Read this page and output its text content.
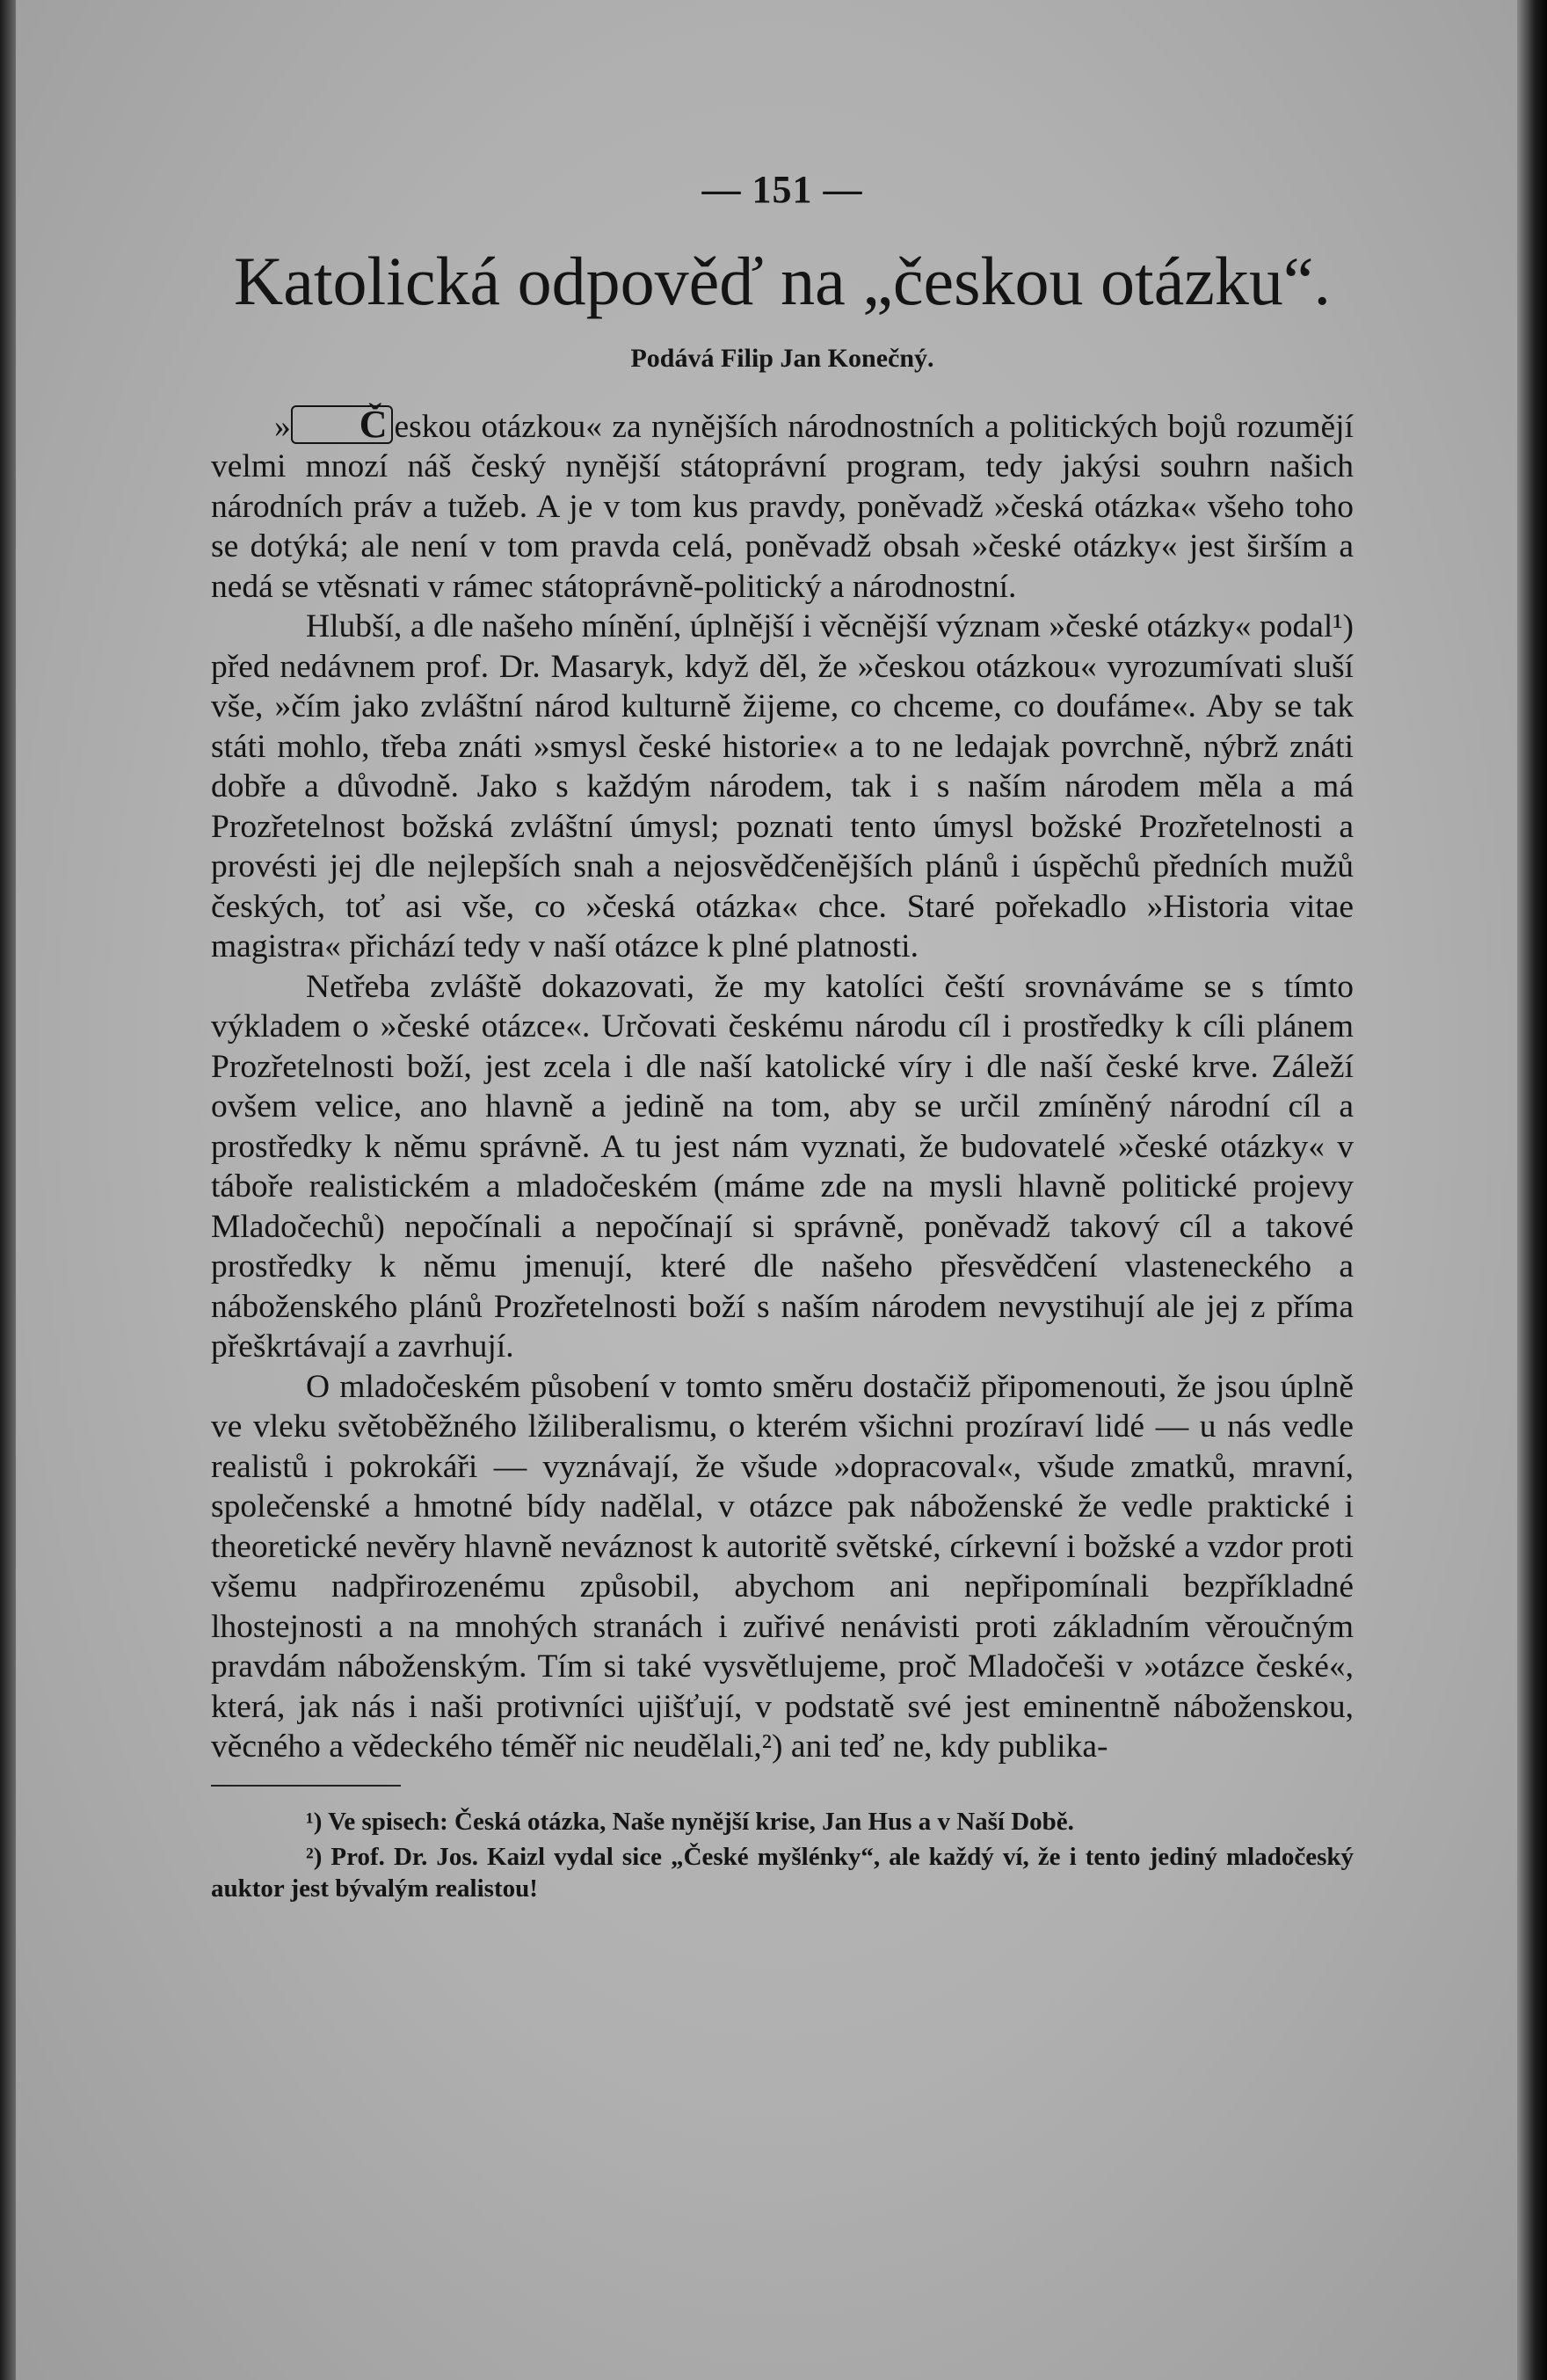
— 151 —
Katolická odpověď na „českou otázku“.
Podává Filip Jan Konečný.

» Č eskou otázkou« za nynějších národnostních a politických bojů rozumějí velmi mnozí náš český nynější státoprávní program, tedy jakýsi souhrn našich národních práv a tužeb. A je v tom kus pravdy, poněvadž »česká otázka« všeho toho se dotýká; ale není v tom pravda celá, poněvadž obsah »české otázky« jest širším a nedá se vtěsnati v rámec státoprávně-politický a národnostní.

Hlubší, a dle našeho mínění, úplnější i věcnější význam »české otázky« podal¹) před nedávnem prof. Dr. Masaryk, když děl, že »českou otázkou« vyrozumívati sluší vše, »čím jako zvláštní národ kulturně žijeme, co chceme, co doufáme«. Aby se tak státi mohlo, třeba znáti »smysl české historie« a to ne ledajak povrchně, nýbrž znáti dobře a důvodně. Jako s každým národem, tak i s naším národem měla a má Prozřetelnost božská zvláštní úmysl; poznati tento úmysl božské Prozřetelnosti a provésti jej dle nejlepších snah a nejosvědčenějších plánů i úspěchů předních mužů českých, toť asi vše, co »česká otázka« chce. Staré pořekadlo »Historia vitae magistra« přichází tedy v naší otázce k plné platnosti.

Netřeba zvláště dokazovati, že my katolíci čeští srovnáváme se s tímto výkladem o »české otázce«. Určovati českému národu cíl i prostředky k cíli plánem Prozřetelnosti boží, jest zcela i dle naší katolické víry i dle naší české krve. Záleží ovšem velice, ano hlavně a jedině na tom, aby se určil zmíněný národní cíl a prostředky k němu správně. A tu jest nám vyznati, že budovatelé »české otázky« v táboře realistickém a mladočeském (máme zde na mysli hlavně politické projevy Mladočechů) nepočínali a nepočínají si správně, poněvadž takový cíl a takové prostředky k němu jmenují, které dle našeho přesvědčení vlasteneckého a náboženského plánů Prozřetelnosti boží s naším národem nevystihují ale jej z příma přeškrtávají a zavrhují.

O mladočeském působení v tomto směru dostačiž připomenouti, že jsou úplně ve vleku světoběžného lžiliberalismu, o kterém všichni prozíraví lidé — u nás vedle realistů i pokrokáři — vyznávají, že všude »dopracoval«, všude zmatků, mravní, společenské a hmotné bídy nadělal, v otázce pak náboženské že vedle praktické i theoretické nevěry hlavně neváznost k autoritě světské, církevní i božské a vzdor proti všemu nadpřirozenému způsobil, abychom ani nepřipomínali bezpříkladné lhostejnosti a na mnohých stranách i zuřivé nenávisti proti základním věroučným pravdám náboženským. Tím si také vysvětlujeme, proč Mladočeši v »otázce české«, která, jak nás i naši protivníci ujišťují, v podstatě své jest eminentně náboženskou, věcného a vědeckého téměř nic neudělali,²) ani teď ne, kdy publika-

¹) Ve spisech: Česká otázka, Naše nynější krise, Jan Hus a v Naší Době.

²) Prof. Dr. Jos. Kaizl vydal sice „České myšlénky“, ale každý ví, že i tento jediný mladočeský auktor jest bývalým realistou!
